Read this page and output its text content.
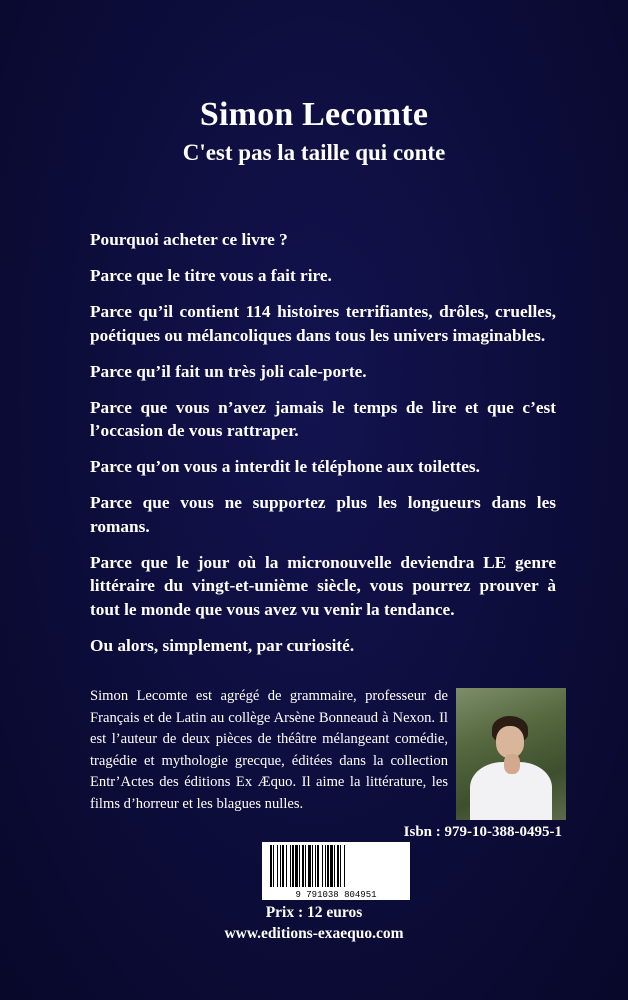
Simon Lecomte
C'est pas la taille qui conte

Pourquoi acheter ce livre ?

Parce que le titre vous a fait rire.

Parce qu’il contient 114 histoires terrifiantes, drôles, cruelles, poétiques ou mélancoliques dans tous les univers imaginables.

Parce qu’il fait un très joli cale-porte.

Parce que vous n’avez jamais le temps de lire et que c’est l’occasion de vous rattraper.

Parce qu’on vous a interdit le téléphone aux toilettes.

Parce que vous ne supportez plus les longueurs dans les romans.

Parce que le jour où la micronouvelle deviendra LE genre littéraire du vingt-et-unième siècle, vous pourrez prouver à tout le monde que vous avez vu venir la tendance.

Ou alors, simplement, par curiosité.

Simon Lecomte est agrégé de grammaire, professeur de Français et de Latin au collège Arsène Bonneaud à Nexon. Il est l’auteur de deux pièces de théâtre mélangeant comédie, tragédie et mythologie grecque, éditées dans la collection Entr’Actes des éditions Ex Æquo. Il aime la littérature, les films d’horreur et les blagues nulles.
Isbn : 979-10-388-0495-1
9 791038 804951
Prix : 12 euros
www.editions-exaequo.com
